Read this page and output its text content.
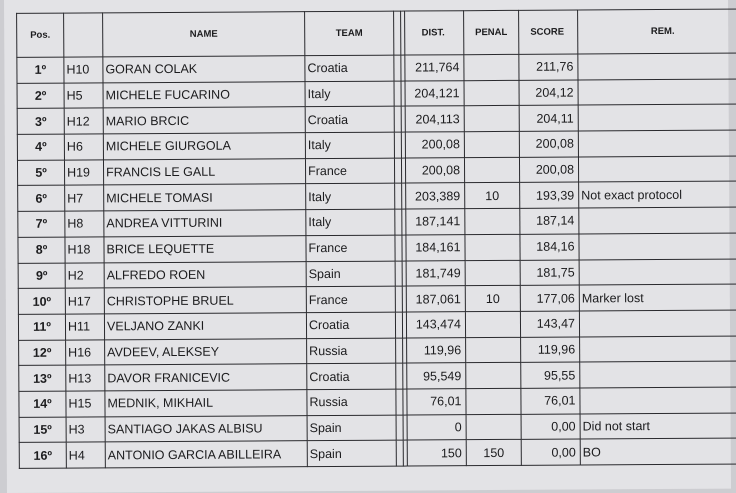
Pos.		NAME	TEAM			DIST.	PENAL	SCORE	REM.
1º	H10	GORAN COLAK	Croatia			211,764		211,76	
2º	H5	MICHELE FUCARINO	Italy			204,121		204,12	
3º	H12	MARIO BRCIC	Croatia			204,113		204,11	
4º	H6	MICHELE GIURGOLA	Italy			200,08		200,08	
5º	H19	FRANCIS LE GALL	France			200,08		200,08	
6º	H7	MICHELE TOMASI	Italy			203,389	10	193,39	Not exact protocol
7º	H8	ANDREA VITTURINI	Italy			187,141		187,14	
8º	H18	BRICE LEQUETTE	France			184,161		184,16	
9º	H2	ALFREDO ROEN	Spain			181,749		181,75	
10º	H17	CHRISTOPHE BRUEL	France			187,061	10	177,06	Marker lost
11º	H11	VELJANO ZANKI	Croatia			143,474		143,47	
12º	H16	AVDEEV, ALEKSEY	Russia			119,96		119,96	
13º	H13	DAVOR FRANICEVIC	Croatia			95,549		95,55	
14º	H15	MEDNIK, MIKHAIL	Russia			76,01		76,01	
15º	H3	SANTIAGO JAKAS ALBISU	Spain			0		0,00	Did not start
16º	H4	ANTONIO GARCIA ABILLEIRA	Spain			150	150	0,00	BO
